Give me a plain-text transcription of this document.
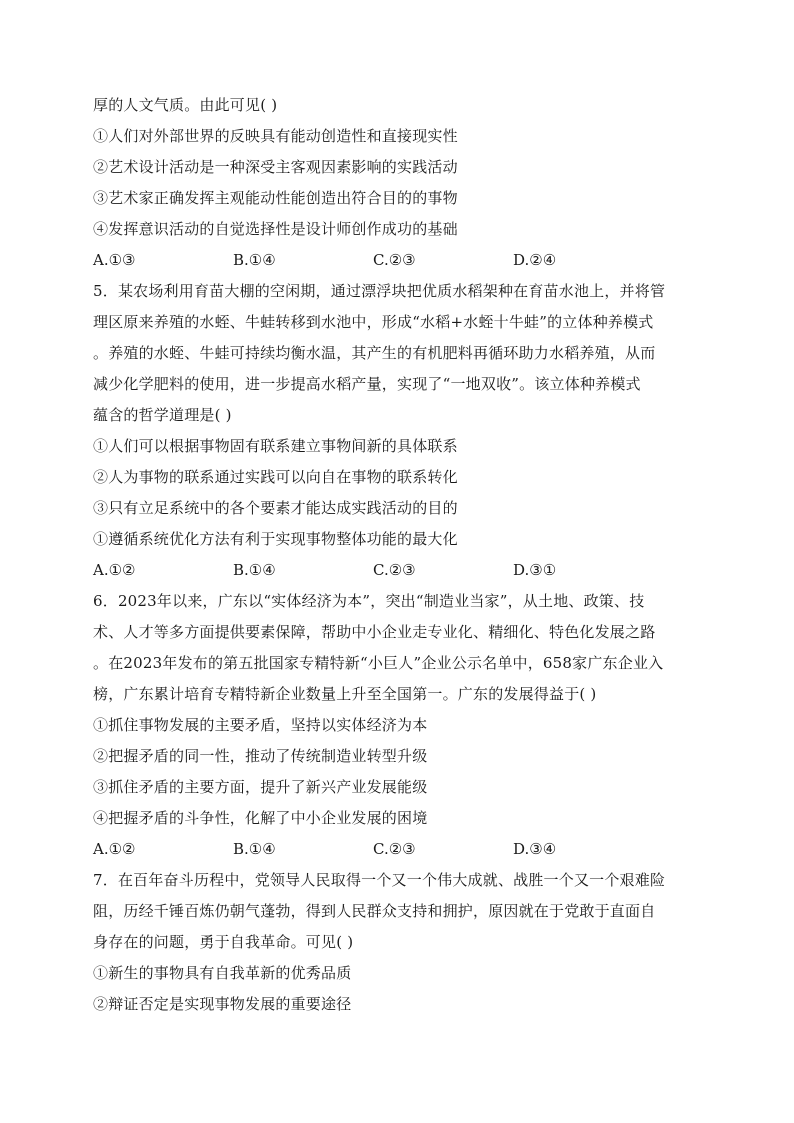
厚的人文气质。由此可见( )
①人们对外部世界的反映具有能动创造性和直接现实性
②艺术设计活动是一种深受主客观因素影响的实践活动
③艺术家正确发挥主观能动性能创造出符合目的的事物
④发挥意识活动的自觉选择性是设计师创作成功的基础
A.①③	B.①④	C.②③	D.②④
5．某农场利用育苗大棚的空闲期，通过漂浮块把优质水稻架种在育苗水池上，并将管
理区原来养殖的水蛭、牛蛙转移到水池中，形成“水稻+水蛭十牛蛙”的立体种养模式
。养殖的水蛭、牛蛙可持续均衡水温，其产生的有机肥料再循环助力水稻养殖，从而
减少化学肥料的使用，进一步提高水稻产量，实现了“一地双收”。该立体种养模式
蕴含的哲学道理是( )
①人们可以根据事物固有联系建立事物间新的具体联系
②人为事物的联系通过实践可以向自在事物的联系转化
③只有立足系统中的各个要素才能达成实践活动的目的
①遵循系统优化方法有利于实现事物整体功能的最大化
A.①②	B.①④	C.②③	D.③①
6．2023年以来，广东以“实体经济为本”，突出“制造业当家”，从土地、政策、技
术、人才等多方面提供要素保障，帮助中小企业走专业化、精细化、特色化发展之路
。在2023年发布的第五批国家专精特新“小巨人”企业公示名单中，658家广东企业入
榜，广东累计培育专精特新企业数量上升至全国第一。广东的发展得益于( )
①抓住事物发展的主要矛盾，坚持以实体经济为本
②把握矛盾的同一性，推动了传统制造业转型升级
③抓住矛盾的主要方面，提升了新兴产业发展能级
④把握矛盾的斗争性，化解了中小企业发展的困境
A.①②	B.①④	C.②③	D.③④
7．在百年奋斗历程中，党领导人民取得一个又一个伟大成就、战胜一个又一个艰难险
阻，历经千锤百炼仍朝气蓬勃，得到人民群众支持和拥护，原因就在于党敢于直面自
身存在的问题，勇于自我革命。可见( )
①新生的事物具有自我革新的优秀品质
②辩证否定是实现事物发展的重要途径
